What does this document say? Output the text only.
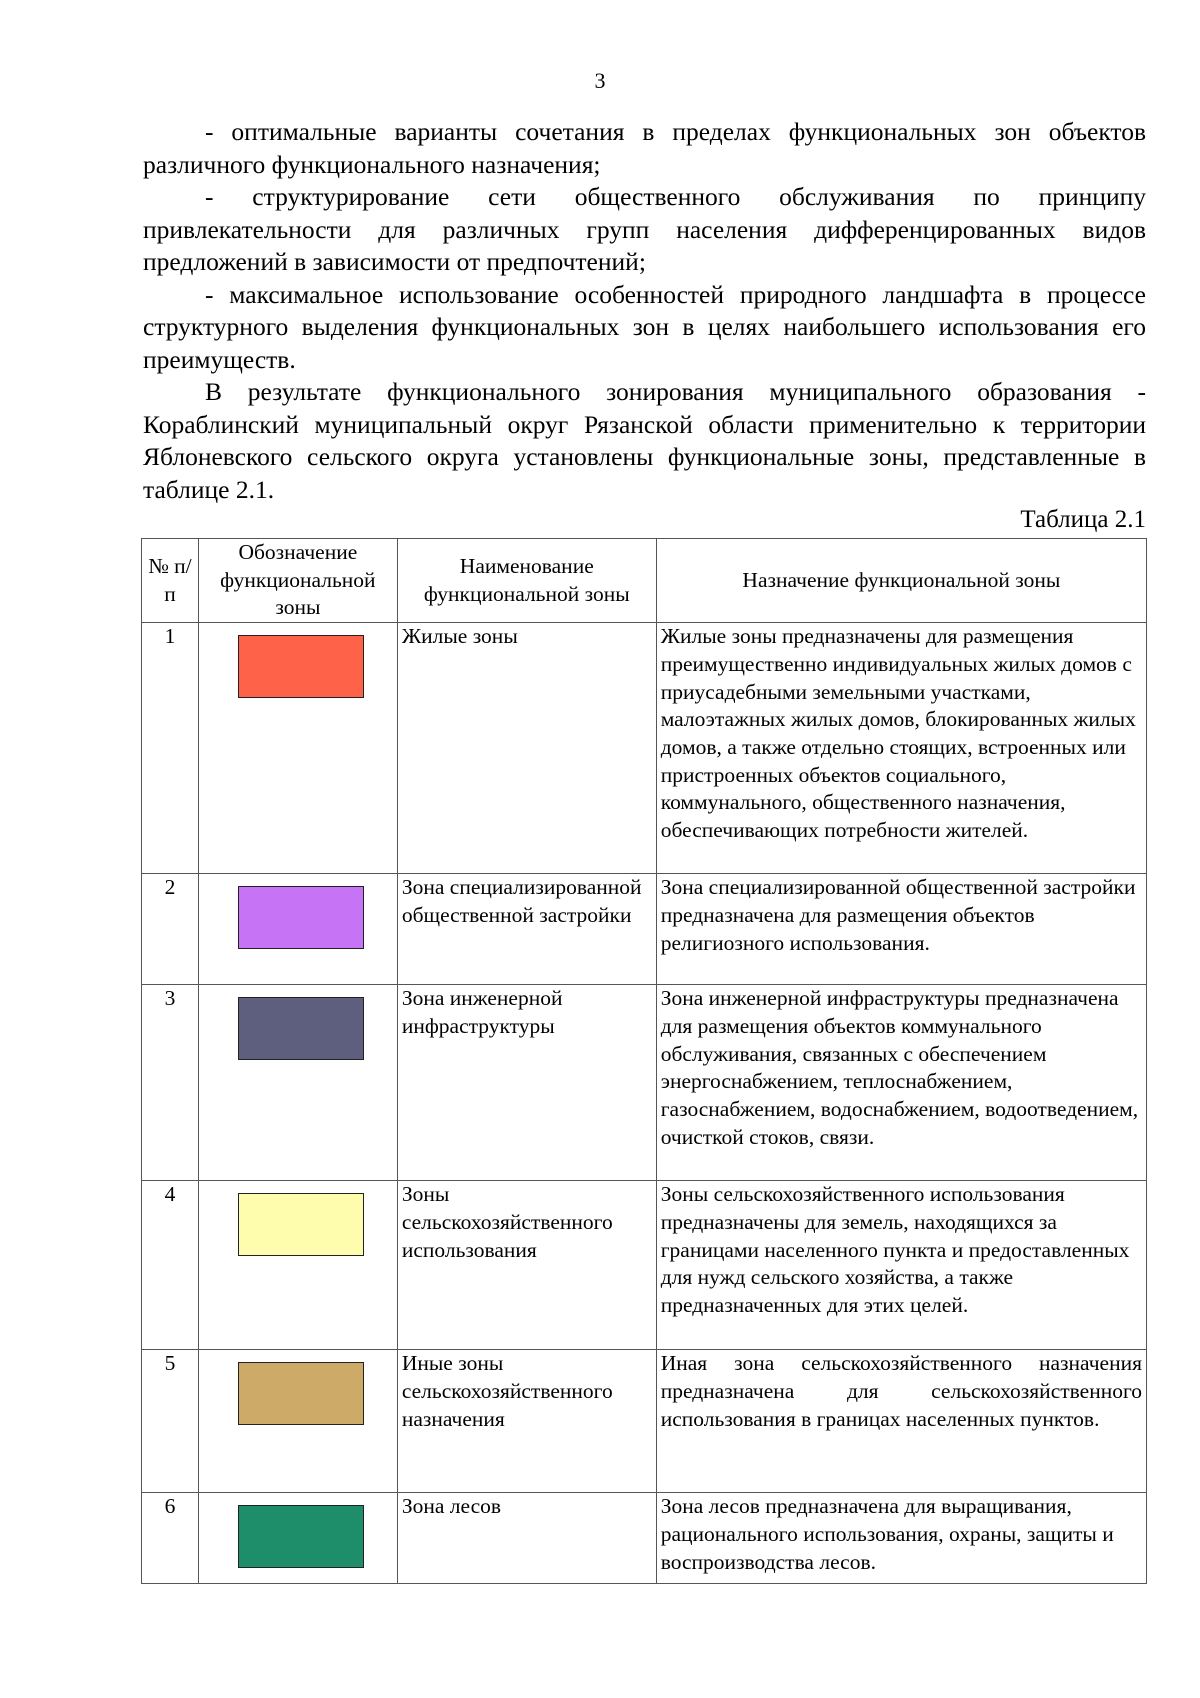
3

- оптимальные варианты сочетания в пределах функциональных зон объектов различного функционального назначения;

- структурирование сети общественного обслуживания по принципу привлекательности для различных групп населения дифференцированных видов предложений в зависимости от предпочтений;

- максимальное использование особенностей природного ландшафта в процессе структурного выделения функциональных зон в целях наибольшего использования его преимуществ.

В результате функционального зонирования муниципального образования - Кораблинский муниципальный округ Рязанской области применительно к территории Яблоневского сельского округа установлены функциональные зоны, представленные в таблице 2.1.

Таблица 2.1
№ п/п	Обозначение функциональной зоны	Наименование функциональной зоны	Назначение функциональной зоны
1		Жилые зоны	Жилые зоны предназначены для размещения преимущественно индивидуальных жилых домов с приусадебными земельными участками, малоэтажных жилых домов, блокированных жилых домов, а также отдельно стоящих, встроенных или пристроенных объектов социального, коммунального, общественного назначения, обеспечивающих потребности жителей.
2		Зона специализированной общественной застройки	Зона специализированной общественной застройки предназначена для размещения объектов религиозного использования.
3		Зона инженерной инфраструктуры	Зона инженерной инфраструктуры предназначена для размещения объектов коммунального обслуживания, связанных с обеспечением энергоснабжением, теплоснабжением, газоснабжением, водоснабжением, водоотведением, очисткой стоков, связи.
4		Зоны сельскохозяйственного использования	Зоны сельскохозяйственного использования предназначены для земель, находящихся за границами населенного пункта и предоставленных для нужд сельского хозяйства, а также предназначенных для этих целей.
5		Иные зоны сельскохозяйственного назначения	Иная зона сельскохозяйственного назначения предназначена для сельскохозяйственного использования в границах населенных пунктов.
6		Зона лесов	Зона лесов предназначена для выращивания, рационального использования, охраны, защиты и воспроизводства лесов.
